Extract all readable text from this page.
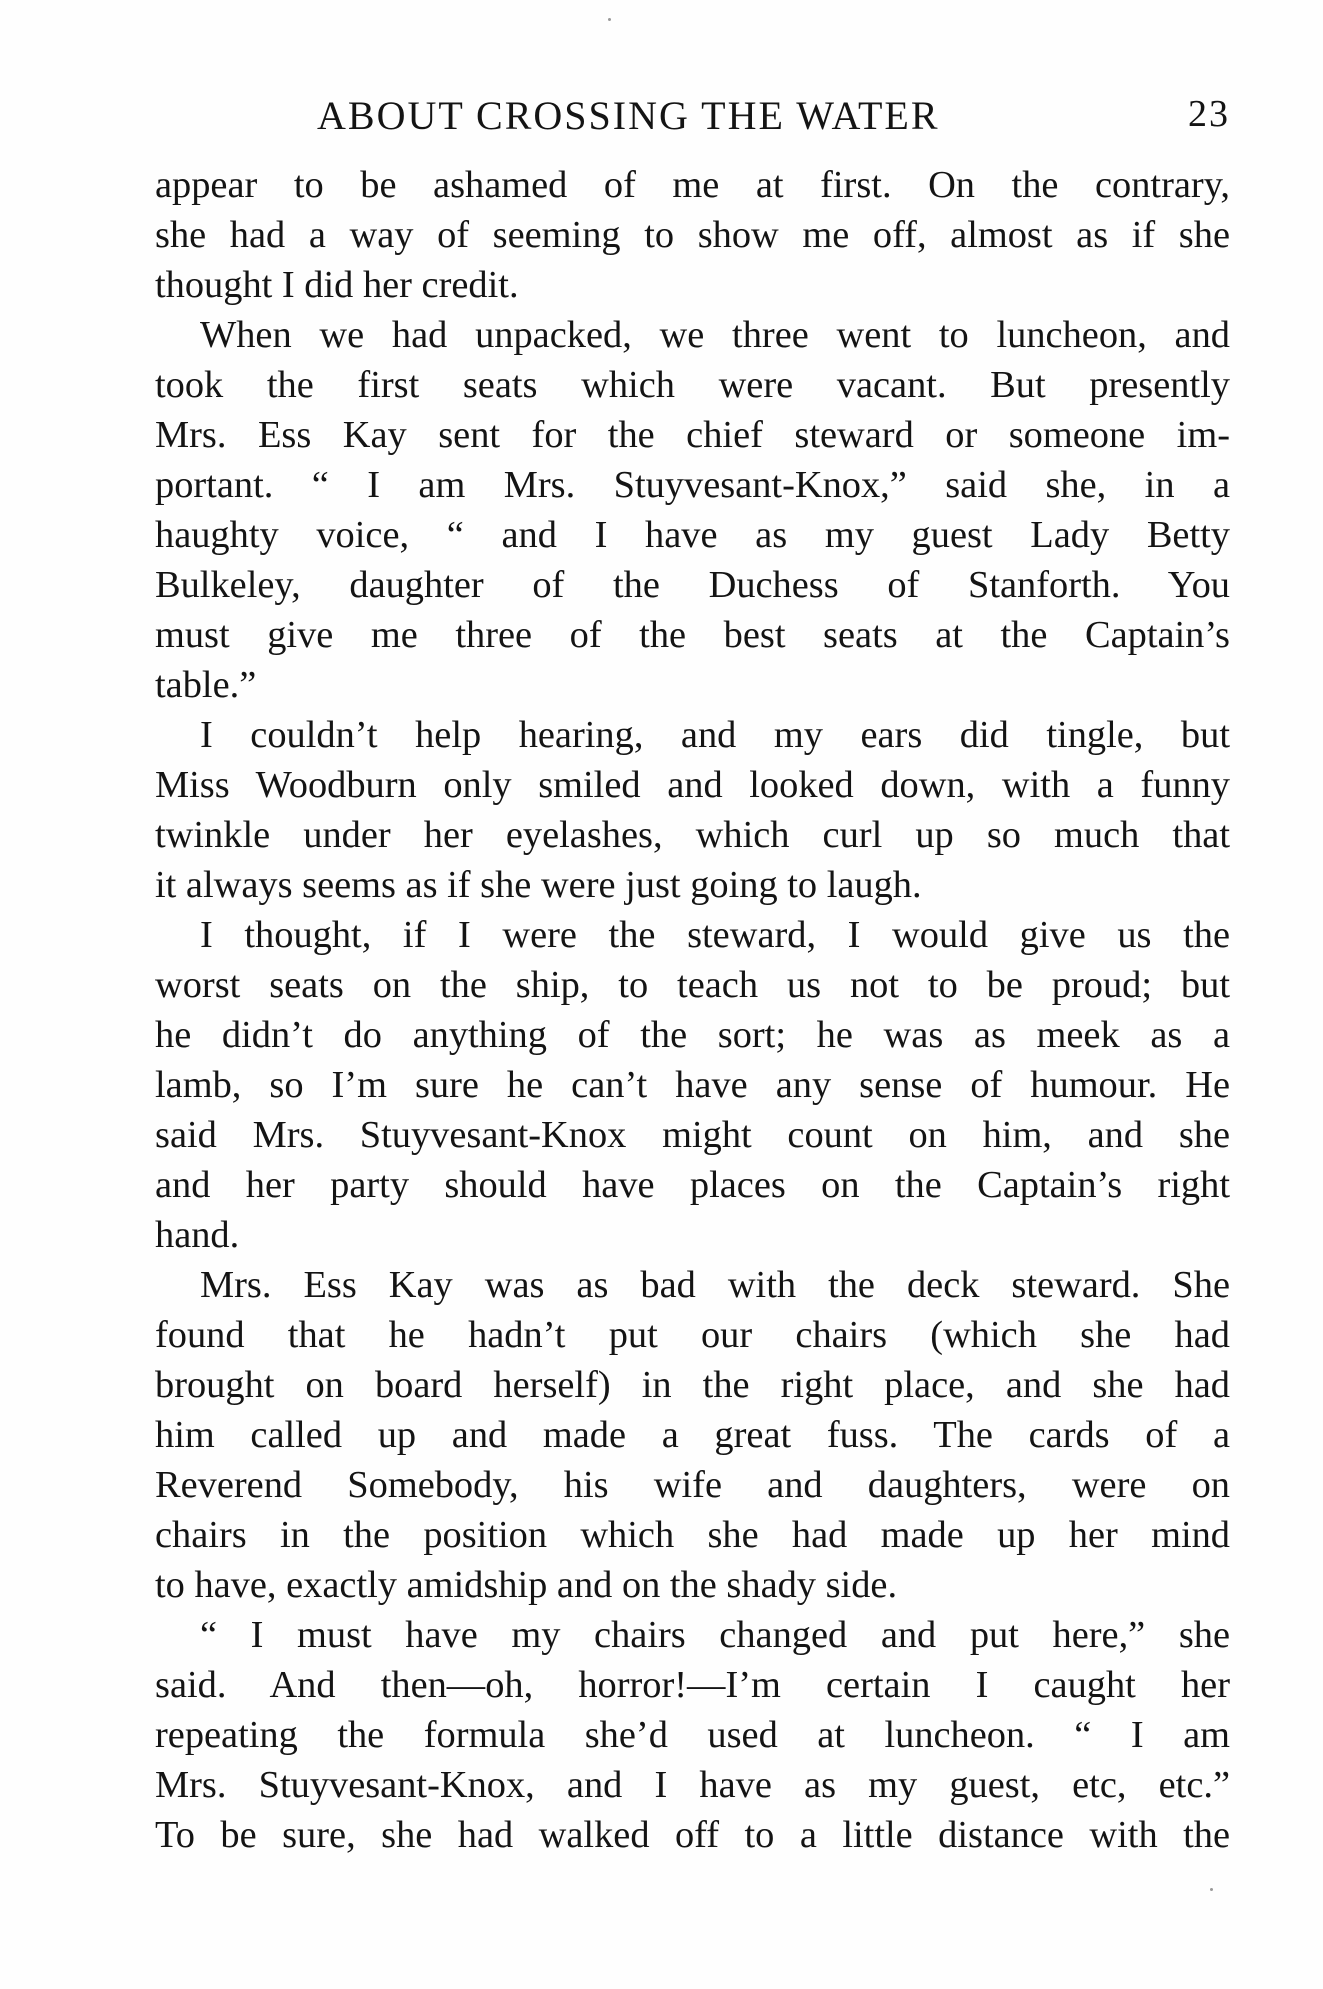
ABOUT CROSSING THE WATER	23
appear to be ashamed of me at first. On the contrary,
she had a way of seeming to show me off, almost as if she
thought I did her credit.
When we had unpacked, we three went to luncheon, and
took the first seats which were vacant. But presently
Mrs. Ess Kay sent for the chief steward or someone im-
portant. “ I am Mrs. Stuyvesant-Knox,” said she, in a
haughty voice, “ and I have as my guest Lady Betty
Bulkeley, daughter of the Duchess of Stanforth. You
must give me three of the best seats at the Captain’s
table.”
I couldn’t help hearing, and my ears did tingle, but
Miss Woodburn only smiled and looked down, with a funny
twinkle under her eyelashes, which curl up so much that
it always seems as if she were just going to laugh.
I thought, if I were the steward, I would give us the
worst seats on the ship, to teach us not to be proud; but
he didn’t do anything of the sort; he was as meek as a
lamb, so I’m sure he can’t have any sense of humour. He
said Mrs. Stuyvesant-Knox might count on him, and she
and her party should have places on the Captain’s right
hand.
Mrs. Ess Kay was as bad with the deck steward. She
found that he hadn’t put our chairs (which she had
brought on board herself) in the right place, and she had
him called up and made a great fuss. The cards of a
Reverend Somebody, his wife and daughters, were on
chairs in the position which she had made up her mind
to have, exactly amidship and on the shady side.
“ I must have my chairs changed and put here,” she
said. And then—oh, horror!—I’m certain I caught her
repeating the formula she’d used at luncheon. “ I am
Mrs. Stuyvesant-Knox, and I have as my guest, etc, etc.”
To be sure, she had walked off to a little distance with the
